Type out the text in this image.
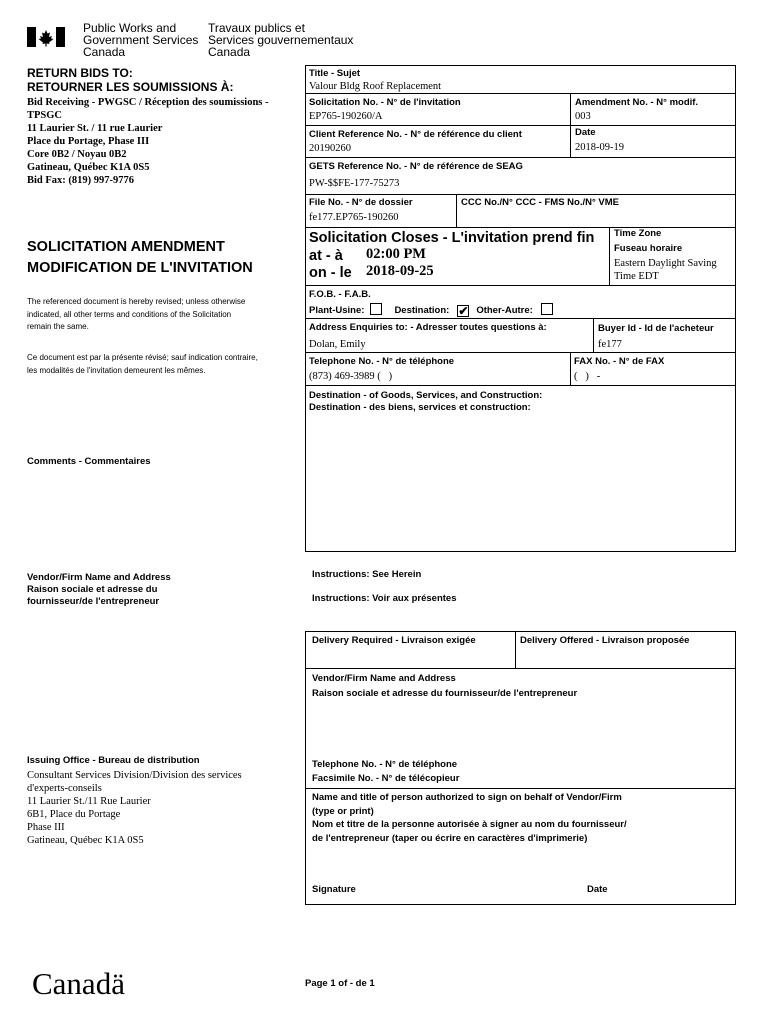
Public Works and
Government Services
Canada
Travaux publics et
Services gouvernementaux
Canada
RETURN BIDS TO:
RETOURNER LES SOUMISSIONS À:
Bid Receiving - PWGSC / Réception des soumissions -
TPSGC
11 Laurier St. / 11 rue Laurier
Place du Portage, Phase III
Core 0B2 / Noyau 0B2
Gatineau, Québec K1A 0S5
Bid Fax: (819) 997-9776
SOLICITATION AMENDMENT
MODIFICATION DE L'INVITATION
The referenced document is hereby revised; unless otherwise
indicated, all other terms and conditions of the Solicitation
remain the same.
Ce document est par la présente révisé; sauf indication contraire,
les modalités de l'invitation demeurent les mêmes.
Comments - Commentaires
Vendor/Firm Name and Address
Raison sociale et adresse du
fournisseur/de l'entrepreneur
Issuing Office - Bureau de distribution
Consultant Services Division/Division des services
d'experts-conseils
11 Laurier St./11 Rue Laurier
6B1, Place du Portage
Phase III
Gatineau, Québec K1A 0S5
Title - Sujet
Valour Bldg Roof Replacement
Solicitation No. - N° de l'invitation
EP765-190260/A
Amendment No. - N° modif.
003
Client Reference No. - N° de référence du client
20190260
Date
2018-09-19
GETS Reference No. - N° de référence de SEAG
PW-$$FE-177-75273
File No. - N° de dossier
fe177.EP765-190260
CCC No./N° CCC - FMS No./N° VME
Solicitation Closes - L'invitation prend fin
at - à 02:00 PM
on - le 2018-09-25
Time Zone
Fuseau horaire
Eastern Daylight Saving
Time EDT
F.O.B. - F.A.B.
Plant-Usine:	Destination: ✔ Other-Autre:
Address Enquiries to: - Adresser toutes questions à:
Dolan, Emily
Buyer Id - Id de l'acheteur
fe177
Telephone No. - N° de téléphone
(873) 469-3989 (   )
FAX No. - N° de FAX
(   )   -
Destination - of Goods, Services, and Construction:
Destination - des biens, services et construction:
Instructions: See Herein
Instructions: Voir aux présentes
Delivery Required - Livraison exigée	Delivery Offered - Livraison proposée
Vendor/Firm Name and Address
Raison sociale et adresse du fournisseur/de l'entrepreneur
Telephone No. - N° de téléphone
Facsimile No. - N° de télécopieur
Name and title of person authorized to sign on behalf of Vendor/Firm
(type or print)
Nom et titre de la personne autorisée à signer au nom du fournisseur/
de l'entrepreneur (taper ou écrire en caractères d'imprimerie)
Signature	Date
Canadä	Page 1 of - de 1
